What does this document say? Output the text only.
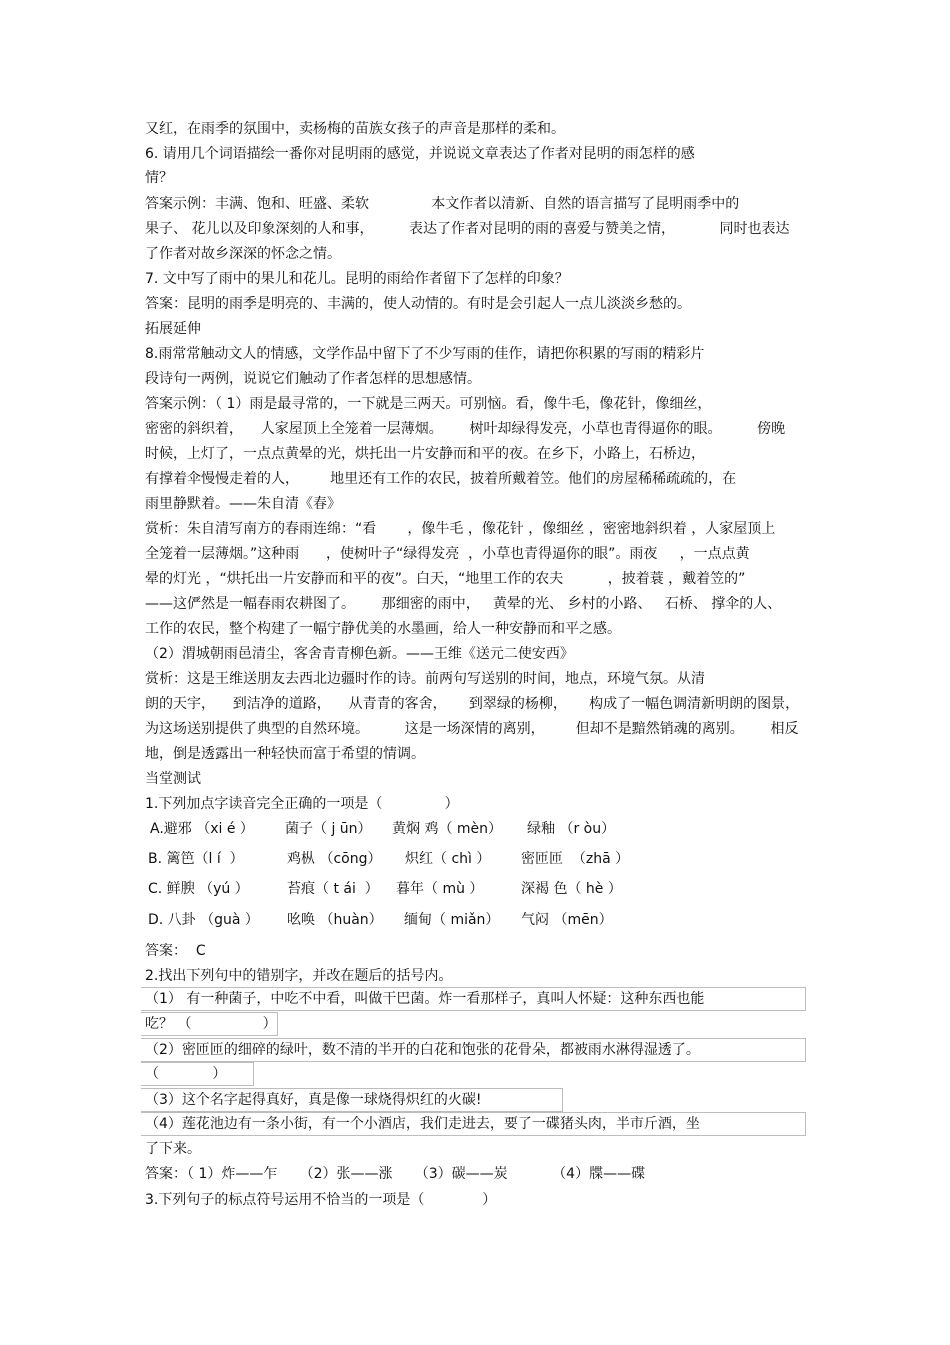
又红，在雨季的氛围中，卖杨梅的苗族女孩子的声音是那样的柔和。
6. 请用几个词语描绘一番你对昆明雨的感觉，并说说文章表达了作者对昆明的雨怎样的感
情？
答案示例：丰满、饱和、旺盛、柔软              本文作者以清新、自然的语言描写了昆明雨季中的
果子、 花儿以及印象深刻的人和事，        表达了作者对昆明的雨的喜爱与赞美之情，          同时也表达
了作者对故乡深深的怀念之情。
7. 文中写了雨中的果儿和花儿。昆明的雨给作者留下了怎样的印象？
答案：昆明的雨季是明亮的、丰满的，使人动情的。有时是会引起人一点儿淡淡乡愁的。
拓展延伸
8.雨常常触动文人的情感，文学作品中留下了不少写雨的佳作，请把你积累的写雨的精彩片
段诗句一两例，说说它们触动了作者怎样的思想感情。
答案示例：（ 1）雨是最寻常的，一下就是三两天。可别恼。看，像牛毛，像花针，像细丝，
密密的斜织着，    人家屋顶上全笼着一层薄烟。      树叶却绿得发亮，小草也青得逼你的眼。        傍晚
时候，上灯了，一点点黄晕的光，烘托出一片安静而和平的夜。在乡下，小路上，石桥边，
有撑着伞慢慢走着的人，       地里还有工作的农民，披着所戴着笠。他们的房屋稀稀疏疏的，在
雨里静默着。——朱自清《春》
赏析：朱自清写南方的春雨连绵：“看       ，像牛毛 ，像花针 ，像细丝 ，密密地斜织着 ，人家屋顶上
全笼着一层薄烟。”这种雨      ，使树叶子“绿得发亮  ，小草也青得逼你的眼”。雨夜     ，一点点黄
晕的灯光 ，“烘托出一片安静而和平的夜”。白天，“地里工作的农夫          ，披着蓑 ，戴着笠的”
——这俨然是一幅春雨农耕图了。      那细密的雨中，   黄晕的光、 乡村的小路、   石桥、 撑伞的人、
工作的农民，整个构建了一幅宁静优美的水墨画，给人一种安静而和平之感。
（2）渭城朝雨邑清尘，客舍青青柳色新。——王维《送元二使安西》
赏析：这是王维送朋友去西北边疆时作的诗。前两句写送别的时间，地点，环境气氛。从清
朗的天宇，    到洁净的道路，    从青青的客舍，     到翠绿的杨柳，     构成了一幅色调清新明朗的图景，
为这场送别提供了典型的自然环境。        这是一场深情的离别，       但却不是黯然销魂的离别。      相反
地，倒是透露出一种轻快而富于希望的情调。
当堂测试
1.下列加点字读音完全正确的一项是（              ）
A.避邪 （xi é ） 菌子（ j ūn） 黄焖 鸡（ mèn） 绿釉 （r òu）
B. 篱笆（l í  ）	鸡枞 （cōng） 炽红（ chì ） 密匝匝  （zhā ）
C. 鲜腴 （yú ）	苔痕（ t ái  ） 暮年（ mù ）	深褐 色（ hè ）
D. 八卦 （guà ） 吆唤 （huàn） 缅甸（ miǎn） 气闷 （mēn）
答案：  C
2.找出下列句中的错别字，并改在题后的括号内。
（1） 有一种菌子，中吃不中看，叫做干巴菌。炸一看那样子，真叫人怀疑：这种东西也能
吃？ （                ）
（2）密匝匝的细碎的绿叶，数不清的半开的白花和饱张的花骨朵，都被雨水淋得湿透了。
（            ）
（3）这个名字起得真好，真是像一球烧得炽红的火碳!
（4）莲花池边有一条小街，有一个小酒店，我们走进去，要了一碟猪头肉，半市斤酒，坐
了下来。
答案：（ 1）炸——乍     （2）张——涨     （3）碳——炭          （4）牒——碟
3.下列句子的标点符号运用不恰当的一项是（             ）
